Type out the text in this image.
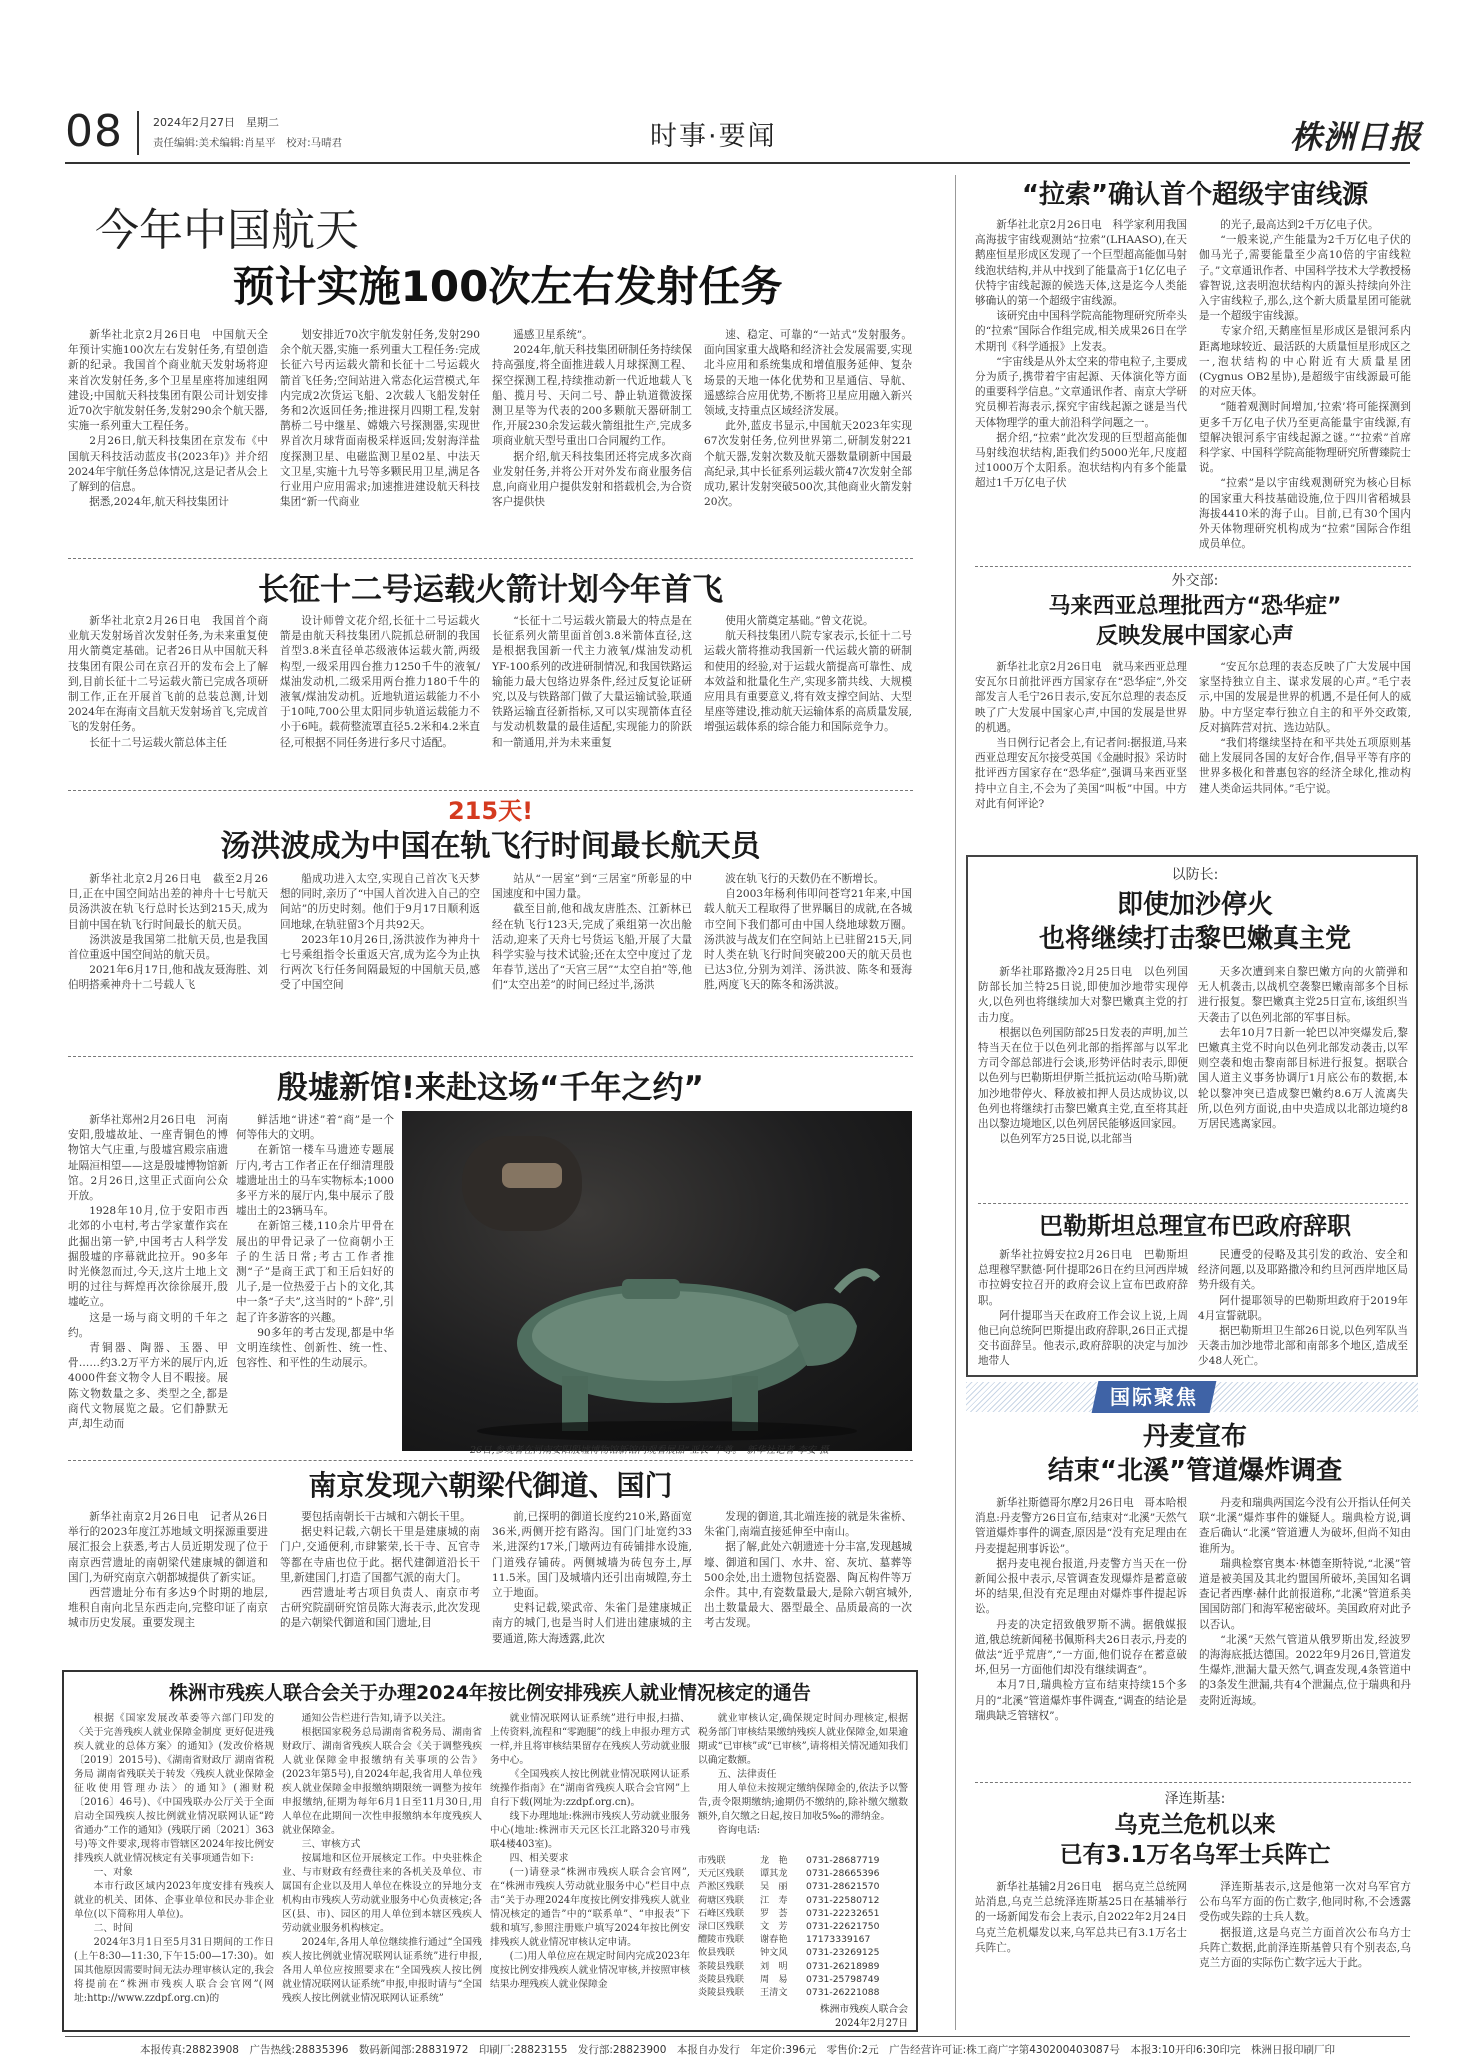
08	2024年2月27日　星期二
责任编辑:美术编辑:肖星平　校对:马晴君	时事·要闻	株洲日报
今年中国航天
预计实施100次左右发射任务
新华社北京2月26日电　中国航天全年预计实施100次左右发射任务,有望创造新的纪录。我国首个商业航天发射场将迎来首次发射任务,多个卫星星座将加速组网建设;中国航天科技集团有限公司计划安排近70次宇航发射任务,发射290余个航天器,实施一系列重大工程任务。
2月26日,航天科技集团在京发布《中国航天科技活动蓝皮书(2023年)》并介绍2024年宇航任务总体情况,这是记者从会上了解到的信息。
据悉,2024年,航天科技集团计
划安排近70次宇航发射任务,发射290余个航天器,实施一系列重大工程任务:完成长征六号丙运载火箭和长征十二号运载火箭首飞任务;空间站进入常态化运营模式,年内完成2次货运飞船、2次载人飞船发射任务和2次返回任务;推进探月四期工程,发射鹊桥二号中继星、嫦娥六号探测器,实现世界首次月球背面南极采样返回;发射海洋盐度探测卫星、电磁监测卫星02星、中法天文卫星,实施十九号等多颗民用卫星,满足各行业用户应用需求;加速推进建设航天科技集团“新一代商业
遥感卫星系统”。
2024年,航天科技集团研制任务持续保持高强度,将全面推进载人月球探测工程、探空探测工程,持续推动新一代近地载人飞船、揽月号、天问二号、静止轨道微波探测卫星等为代表的200多颗航天器研制工作,开展230余发运载火箭组批生产,完成多项商业航天型号重出口合同履约工作。
据介绍,航天科技集团还将完成多次商业发射任务,并将公开对外发布商业服务信息,向商业用户提供发射和搭载机会,为合资客户提供快
速、稳定、可靠的“一站式”发射服务。面向国家重大战略和经济社会发展需要,实现北斗应用和系统集成和增值服务延伸、复杂场景的天地一体化优势和卫星通信、导航、遥感综合应用优势,不断将卫星应用融入新兴领域,支持重点区域经济发展。
此外,蓝皮书显示,中国航天2023年实现67次发射任务,位列世界第二,研制发射221个航天器,发射次数及航天器数量刷新中国最高纪录,其中长征系列运载火箭47次发射全部成功,累计发射突破500次,其他商业火箭发射20次。
长征十二号运载火箭计划今年首飞
新华社北京2月26日电　我国首个商业航天发射场首次发射任务,为未来重复使用火箭奠定基础。记者26日从中国航天科技集团有限公司在京召开的发布会上了解到,目前长征十二号运载火箭已完成各项研制工作,正在开展首飞前的总装总测,计划2024年在海南文昌航天发射场首飞,完成首飞的发射任务。
长征十二号运载火箭总体主任
设计师曾文花介绍,长征十二号运载火箭是由航天科技集团八院抓总研制的我国首型3.8米直径单芯级液体运载火箭,两级构型,一级采用四台推力1250千牛的液氧/煤油发动机,二级采用两台推力180千牛的液氧/煤油发动机。近地轨道运载能力不小于10吨,700公里太阳同步轨道运载能力不小于6吨。载荷整流罩直径5.2米和4.2米直径,可根据不同任务进行多尺寸适配。
“长征十二号运载火箭最大的特点是在长征系列火箭里面首创3.8米箭体直径,这是根据我国新一代主力液氧/煤油发动机YF-100系列的改进研制情况,和我国铁路运输能力最大包络边界条件,经过反复论证研究,以及与铁路部门做了大量运输试验,联通铁路运输直径新指标,又可以实现箭体直径与发动机数量的最佳适配,实现能力的阶跃和一箭通用,并为未来重复
使用火箭奠定基础。”曾文花说。
航天科技集团八院专家表示,长征十二号运载火箭将推动我国新一代运载火箭的研制和使用的经验,对于运载火箭提高可靠性、成本效益和批量化生产,实现多箭共线、大规模应用具有重要意义,将有效支撑空间站、大型星座等建设,推动航天运输体系的高质量发展,增强运载体系的综合能力和国际竞争力。
215天!
汤洪波成为中国在轨飞行时间最长航天员
新华社北京2月26日电　截至2月26日,正在中国空间站出差的神舟十七号航天员汤洪波在轨飞行总时长达到215天,成为目前中国在轨飞行时间最长的航天员。
汤洪波是我国第二批航天员,也是我国首位重返中国空间站的航天员。
2021年6月17日,他和战友聂海胜、刘伯明搭乘神舟十二号载人飞
船成功进入太空,实现自己首次飞天梦想的同时,亲历了“中国人首次进入自己的空间站”的历史时刻。他们于9月17日顺利返回地球,在轨驻留3个月共92天。
2023年10月26日,汤洪波作为神舟十七号乘组指令长重返天宫,成为迄今为止执行两次飞行任务间隔最短的中国航天员,感受了中国空间
站从“一居室”到“三居室”所彰显的中国速度和中国力量。
截至目前,他和战友唐胜杰、江新林已经在轨飞行123天,完成了乘组第一次出舱活动,迎来了天舟七号货运飞船,开展了大量科学实验与技术试验;还在太空中度过了龙年春节,送出了“天宫三居”“太空自拍”等,他们“太空出差”的时间已经过半,汤洪
波在轨飞行的天数仍在不断增长。
自2003年杨利伟叩问苍穹21年来,中国载人航天工程取得了世界瞩目的成就,在各城市空间下我们都可由中国人绕地球数万圈。汤洪波与战友们在空间站上已驻留215天,同时人类在轨飞行时间突破200天的航天员也已达3位,分别为刘洋、汤洪波、陈冬和聂海胜,两度飞天的陈冬和汤洪波。
殷墟新馆!来赴这场“千年之约”
新华社郑州2月26日电　河南安阳,殷墟故址、一座青铜色的博物馆大气庄重,与殷墟宫殿宗庙遗址隔洹相望——这是殷墟博物馆新馆。2月26日,这里正式面向公众开放。
1928年10月,位于安阳市西北郊的小屯村,考古学家董作宾在此掘出第一铲,中国考古人科学发掘殷墟的序幕就此拉开。90多年时光倏忽而过,今天,这片土地上文明的过往与辉煌再次徐徐展开,殷墟屹立。
这是一场与商文明的千年之约。
青铜器、陶器、玉器、甲骨……约3.2万平方米的展厅内,近4000件套文物令人目不暇接。展陈文物数量之多、类型之全,都是商代文物展览之最。它们静默无声,却生动而
鲜活地“讲述”着“商”是一个何等伟大的文明。
在新馆一楼车马遗迹专题展厅内,考古工作者正在仔细清理殷墟遗址出土的马车实物标本;1000多平方米的展厅内,集中展示了殷墟出土的23辆马车。
在新馆三楼,110余片甲骨在展出的甲骨记录了一位商朝小王子的生活日常;考古工作者推测“子”是商王武丁和王后妇好的儿子,是一位热爱于占卜的文化,其中一条“子夫”,这当时的“卜辞”,引起了许多游客的兴趣。
90多年的考古发现,都是中华文明连续性、创新性、统一性、包容性、和平性的生动展示。
26日,参观者在河南安阳殷墟博物馆新馆内观看展品“亚长”牛尊。　新华社记者 李安 摄
南京发现六朝梁代御道、国门
新华社南京2月26日电　记者从26日举行的2023年度江苏地域文明探源重要进展汇报会上获悉,考古人员近期发现了位于南京西营遗址的南朝梁代建康城的御道和国门,为研究南京六朝都城提供了新实证。
西营遗址分布有多达9个时期的地层,堆积自南向北呈东西走向,完整印证了南京城市历史发展。重要发现主
要包括南朝长干古城和六朝长干里。
据史料记载,六朝长干里是建康城的南门户,交通便利,市肆繁荣,长干寺、瓦官寺等都在寺庙也位于此。据代建御道沿长干里,新建国门,打造了国都气派的南大门。
西营遗址考古项目负责人、南京市考古研究院副研究馆员陈大海表示,此次发现的是六朝梁代御道和国门遗址,目
前,已探明的御道长度约210米,路面宽36米,两侧开挖有路沟。国门门址宽约33米,进深约17米,门墩两边有砖铺排水设施,门道残存铺砖。两侧城墙为砖包夯土,厚11.5米。国门及城墙内还引出南城隍,夯土立于地面。
史料记载,梁武帝、朱雀门是建康城正南方的城门,也是当时人们进出建康城的主要通道,陈大海透露,此次
发现的御道,其北端连接的就是朱雀桥、朱雀门,南端直接延伸至中南山。
据了解,此处六朝遗迹十分丰富,发现越城壕、御道和国门、水井、窑、灰坑、墓葬等500余处,出土遗物包括瓷器、陶瓦构件等万余件。其中,有瓷数量最大,是除六朝宫城外,出土数量最大、器型最全、品质最高的一次考古发现。
株洲市残疾人联合会关于办理2024年按比例安排残疾人就业情况核定的通告
根据《国家发展改革委等六部门印发的〈关于完善残疾人就业保障金制度 更好促进残疾人就业的总体方案〉的通知》(发改价格规〔2019〕2015号)、《湖南省财政厅 湖南省税务局 湖南省残联关于转发〈残疾人就业保障金征收使用管理办法〉的通知》(湘财税〔2016〕46号)、《中国残联办公厅关于全面启动全国残疾人按比例就业情况联网认证“跨省通办”工作的通知》(残联厅函〔2021〕363号)等文件要求,现将市管辖区2024年按比例安排残疾人就业情况核定有关事项通告如下:
一、对象
本市行政区域内2023年度安排有残疾人就业的机关、团体、企事业单位和民办非企业单位(以下简称用人单位)。
二、时间
2024年3月1日至5月31日期间的工作日(上午8:30—11:30,下午15:00—17:30)。如国其他原因需要时间无法办理审核认定的,我会将提前在“株洲市残疾人联合会官网”(网址:http://www.zzdpf.org.cn)的
通知公告栏进行告知,请予以关注。
根据国家税务总局湖南省税务局、湖南省财政厅、湖南省残疾人联合会《关于调整残疾人就业保障金申报缴纳有关事项的公告》(2023年第5号),自2024年起,我省用人单位残疾人就业保障金申报缴纳期限统一调整为按年申报缴纳,征期为每年6月1日至11月30日,用人单位在此期间一次性申报缴纳本年度残疾人就业保障金。
三、审核方式
按属地和区位开展核定工作。中央驻株企业、与市财政有经费往来的各机关及单位、市属国有企业以及用人单位在株设立的异地分支机构由市残疾人劳动就业服务中心负责核定;各区(县、市)、园区的用人单位到本辖区残疾人劳动就业服务机构核定。
2024年,各用人单位继续推行通过“全国残疾人按比例就业情况联网认证系统”进行申报,各用人单位应按照要求在“全国残疾人按比例就业情况联网认证系统”申报,申报时请与“全国残疾人按比例就业情况联网认证系统”
就业情况联网认证系统”进行申报,扫描、上传资料,流程和“零跑腿”的线上申报办理方式一样,并且将审核结果留存在残疾人劳动就业服务中心。
《全国残疾人按比例就业情况联网认证系统操作指南》在“湖南省残疾人联合会官网”上自行下载(网址为:zzdpf.org.cn)。
线下办理地址:株洲市残疾人劳动就业服务中心(地址:株洲市天元区长江北路320号市残联4楼403室)。
四、相关要求
(一)请登录“株洲市残疾人联合会官网”,在“株洲市残疾人劳动就业服务中心”栏目中点击“关于办理2024年度按比例安排残疾人就业情况核定的通告”中的“联系单”、“申报表”下载和填写,参照注册账户填写2024年按比例安排残疾人就业情况审核认定申请。
(二)用人单位应在规定时间内完成2023年度按比例安排残疾人就业情况审核,并按照审核结果办理残疾人就业保障金
就业审核认定,确保规定时间办理核定,根据税务部门审核结果缴纳残疾人就业保障金,如果逾期或“已审核”或“已审核”,请将相关情况通知我们以确定数额。
五、法律责任
用人单位未按规定缴纳保障金的,依法予以警告,责令限期缴纳;逾期仍不缴纳的,除补缴欠缴数额外,自欠缴之日起,按日加收5‰的滞纳金。
咨询电话:
市残联	龙　艳	0731-28687719
天元区残联	谭其龙	0731-28665396
芦淞区残联	吴　丽	0731-28621570
荷塘区残联	江　寿	0731-22580712
石峰区残联	罗　荟	0731-22232651
渌口区残联	文　芳	0731-22621750
醴陵市残联	谢春艳	17173339167
攸县残联	钟文风	0731-23269125
茶陵县残联	刘　明	0731-26218989
炎陵县残联	周　易	0731-25798749
炎陵县残联	王清文	0731-26221088
株洲市残疾人联合会
2024年2月27日
“拉索”确认首个超级宇宙线源
新华社北京2月26日电　科学家利用我国高海拔宇宙线观测站“拉索”(LHAASO),在天鹅座恒星形成区发现了一个巨型超高能伽马射线泡状结构,并从中找到了能量高于1亿亿电子伏特宇宙线起源的候选天体,这是迄今人类能够确认的第一个超级宇宙线源。
该研究由中国科学院高能物理研究所牵头的“拉索”国际合作组完成,相关成果26日在学术期刊《科学通报》上发表。
“宇宙线是从外太空来的带电粒子,主要成分为质子,携带着宇宙起源、天体演化等方面的重要科学信息。”文章通讯作者、南京大学研究员柳若海表示,探究宇宙线起源之谜是当代天体物理学的重大前沿科学问题之一。
据介绍,“拉索”此次发现的巨型超高能伽马射线泡状结构,距我们约5000光年,尺度超过1000万个太阳系。泡状结构内有多个能量超过1千万亿电子伏
的光子,最高达到2千万亿电子伏。
“一般来说,产生能量为2千万亿电子伏的伽马光子,需要能量至少高10倍的宇宙线粒子。”文章通讯作者、中国科学技术大学教授杨睿智说,这表明泡状结构内的源头持续向外注入宇宙线粒子,那么,这个新大质量星团可能就是一个超级宇宙线源。
专家介绍,天鹅座恒星形成区是银河系内距离地球较近、最活跃的大质量恒星形成区之一,泡状结构的中心附近有大质量星团(Cygnus OB2星协),是超级宇宙线源最可能的对应天体。
“随着观测时间增加,‘拉索’将可能探测到更多千万亿电子伏乃至更高能量宇宙线源,有望解决银河系宇宙线起源之谜。”“拉索”首席科学家、中国科学院高能物理研究所曹臻院士说。
“拉索”是以宇宙线观测研究为核心目标的国家重大科技基础设施,位于四川省稻城县海拔4410米的海子山。目前,已有30个国内外天体物理研究机构成为“拉索”国际合作组成员单位。
外交部:
马来西亚总理批西方“恐华症”
反映发展中国家心声
新华社北京2月26日电　就马来西亚总理安瓦尔日前批评西方国家存在“恐华症”,外交部发言人毛宁26日表示,安瓦尔总理的表态反映了广大发展中国家心声,中国的发展是世界的机遇。
当日例行记者会上,有记者问:据报道,马来西亚总理安瓦尔接受英国《金融时报》采访时批评西方国家存在“恐华症”,强调马来西亚坚持中立自主,不会为了美国“叫板”中国。中方对此有何评论?
“安瓦尔总理的表态反映了广大发展中国家坚持独立自主、谋求发展的心声。”毛宁表示,中国的发展是世界的机遇,不是任何人的威胁。中方坚定奉行独立自主的和平外交政策,反对搞阵营对抗、选边站队。
“我们将继续坚持在和平共处五项原则基础上发展同各国的友好合作,倡导平等有序的世界多极化和普惠包容的经济全球化,推动构建人类命运共同体。”毛宁说。
以防长:
即使加沙停火
也将继续打击黎巴嫩真主党
新华社耶路撒冷2月25日电　以色列国防部长加兰特25日说,即使加沙地带实现停火,以色列也将继续加大对黎巴嫩真主党的打击力度。
根据以色列国防部25日发表的声明,加兰特当天在位于以色列北部的指挥部与以军北方司令部总部进行会谈,形势评估时表示,即便以色列与巴勒斯坦伊斯兰抵抗运动(哈马斯)就加沙地带停火、释放被扣押人员达成协议,以色列也将继续打击黎巴嫩真主党,直至将其赶出以黎边境地区,以色列居民能够返回家园。
以色列军方25日说,以北部当
天多次遭到来自黎巴嫩方向的火箭弹和无人机袭击,以战机空袭黎巴嫩南部多个目标进行报复。黎巴嫩真主党25日宣布,该组织当天袭击了以色列北部的军事目标。
去年10月7日新一轮巴以冲突爆发后,黎巴嫩真主党不时向以色列北部发动袭击,以军则空袭和炮击黎南部目标进行报复。据联合国人道主义事务协调厅1月底公布的数据,本轮以黎冲突已造成黎巴嫩约8.6万人流离失所,以色列方面说,由中央造成以北部边境约8万居民逃离家园。
巴勒斯坦总理宣布巴政府辞职
新华社拉姆安拉2月26日电　巴勒斯坦总理穆罕默德·阿什提耶26日在约旦河西岸城市拉姆安拉召开的政府会议上宣布巴政府辞职。
阿什提耶当天在政府工作会议上说,上周他已向总统阿巴斯提出政府辞职,26日正式提交书面辞呈。他表示,政府辞职的决定与加沙地带人
民遭受的侵略及其引发的政治、安全和经济问题,以及耶路撒冷和约旦河西岸地区局势升级有关。
阿什提耶领导的巴勒斯坦政府于2019年4月宣誓就职。
据巴勒斯坦卫生部26日说,以色列军队当天袭击加沙地带北部和南部多个地区,造成至少48人死亡。
国际聚焦
丹麦宣布
结束“北溪”管道爆炸调查
新华社斯德哥尔摩2月26日电　哥本哈根消息:丹麦警方26日宣布,结束对“北溪”天然气管道爆炸事件的调查,原因是“没有充足理由在丹麦提起刑事诉讼”。
据丹麦电视台报道,丹麦警方当天在一份新闻公报中表示,尽管调查发现爆炸是蓄意破坏的结果,但没有充足理由对爆炸事件提起诉讼。
丹麦的决定招致俄罗斯不满。据俄媒报道,俄总统新闻秘书佩斯科夫26日表示,丹麦的做法“近乎荒唐”,“一方面,他们说存在蓄意破坏,但另一方面他们却没有继续调查”。
本月7日,瑞典检方宣布结束持续15个多月的“北溪”管道爆炸事件调查,“调查的结论是瑞典缺乏管辖权”。
丹麦和瑞典两国迄今没有公开指认任何关联“北溪”爆炸事件的嫌疑人。瑞典检方说,调查后确认“北溪”管道遭人为破坏,但尚不知由谁所为。
瑞典检察官奥本·林德奎斯特说,“北溪”管道是被美国及其北约盟国所破坏,美国知名调查记者西摩·赫什此前报道称,“北溪”管道系美国国防部门和海军秘密破坏。美国政府对此予以否认。
“北溪”天然气管道从俄罗斯出发,经波罗的海海底抵达德国。2022年9月26日,管道发生爆炸,泄漏大量天然气,调查发现,4条管道中的3条发生泄漏,共有4个泄漏点,位于瑞典和丹麦附近海域。
泽连斯基:
乌克兰危机以来
已有3.1万名乌军士兵阵亡
新华社基辅2月26日电　据乌克兰总统网站消息,乌克兰总统泽连斯基25日在基辅举行的一场新闻发布会上表示,自2022年2月24日乌克兰危机爆发以来,乌军总共已有3.1万名士兵阵亡。
泽连斯基表示,这是他第一次对乌军官方公布乌军方面的伤亡数字,他同时称,不会透露受伤或失踪的士兵人数。
据报道,这是乌克兰方面首次公布乌方士兵阵亡数据,此前泽连斯基曾只有个别表态,乌克兰方面的实际伤亡数字远大于此。
本报传真:28823908　广告热线:28835396　数码新闻部:28831972　印刷厂:28823155　发行部:28823900　本报自办发行　年定价:396元　零售价:2元　广告经营许可证:株工商广字第430200403087号　本报3:10开印6:30印完　株洲日报印刷厂印
